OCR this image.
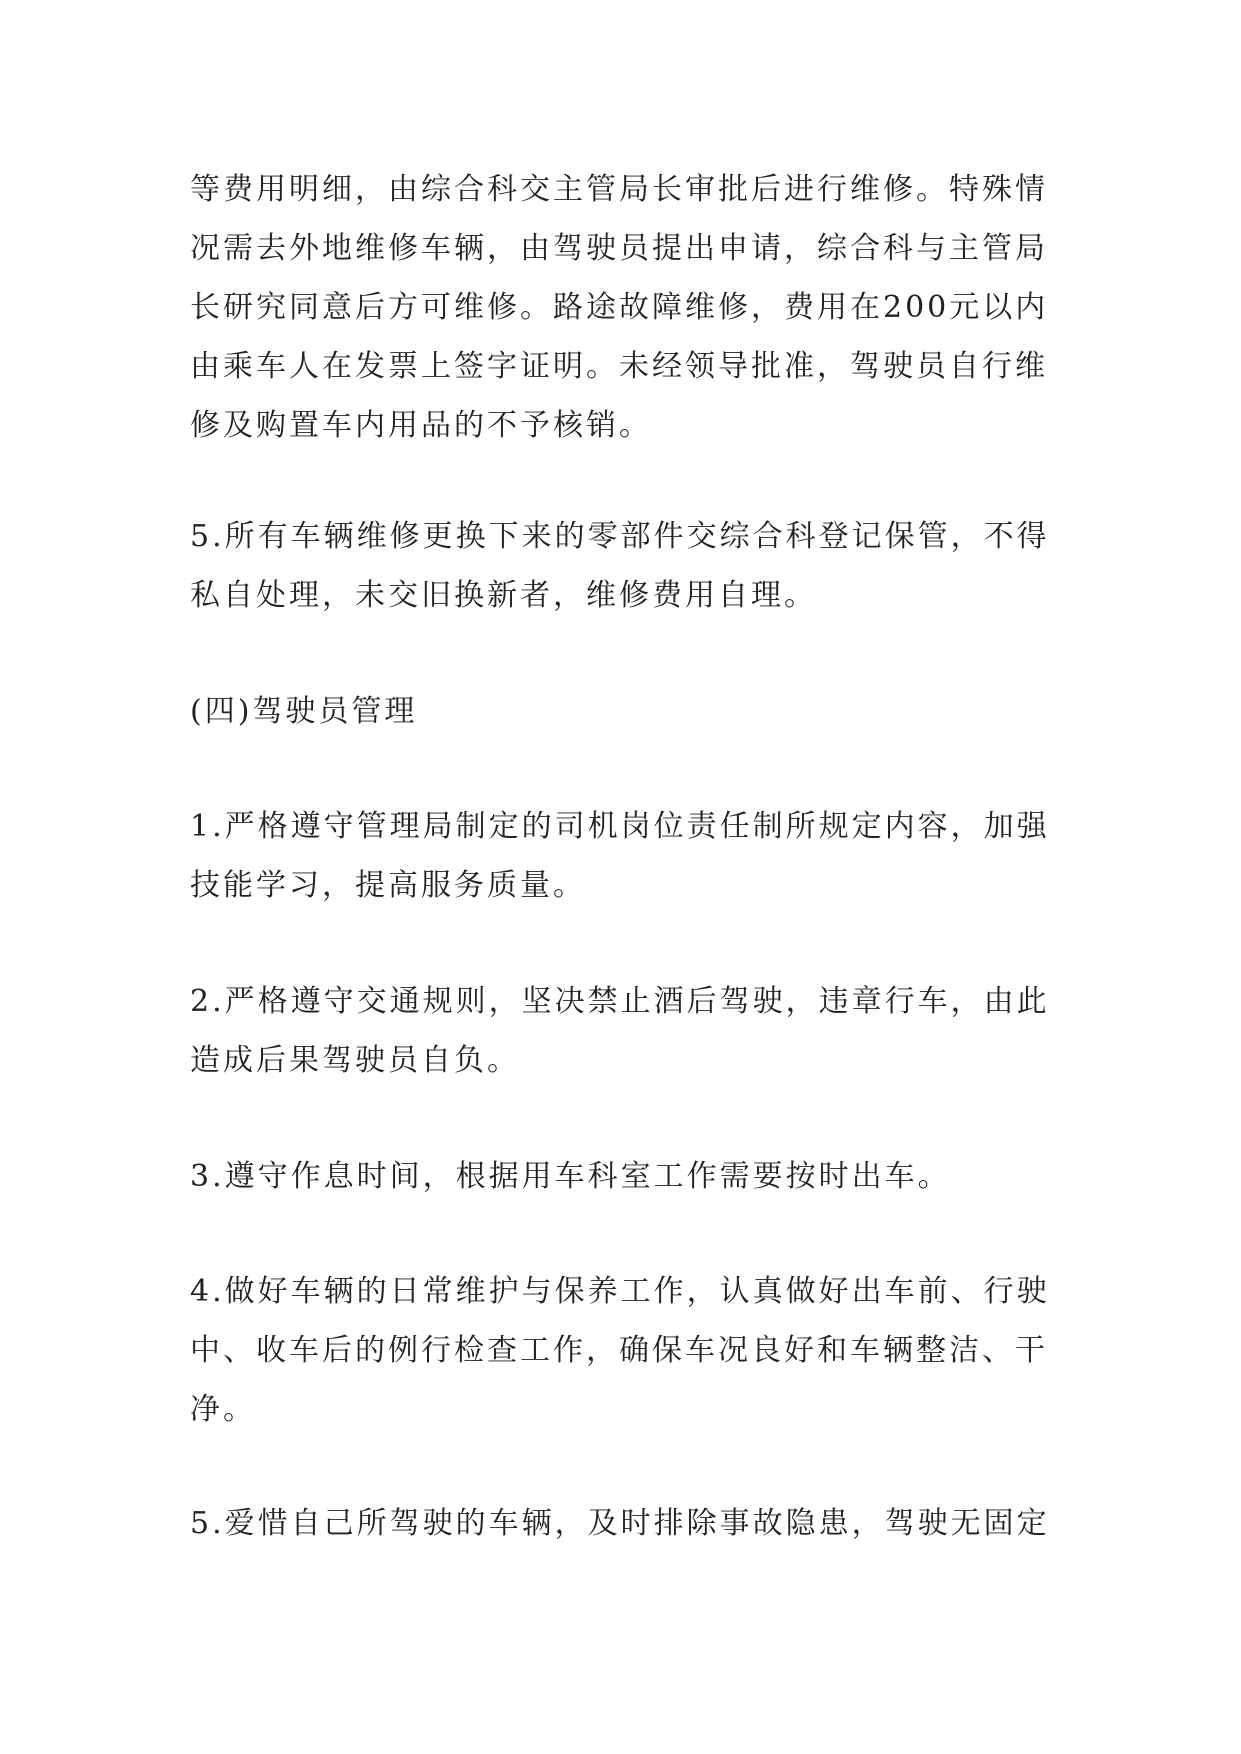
等费用明细，由综合科交主管局长审批后进行维修。特殊情
况需去外地维修车辆，由驾驶员提出申请，综合科与主管局
长研究同意后方可维修。路途故障维修，费用在200元以内
由乘车人在发票上签字证明。未经领导批准，驾驶员自行维
修及购置车内用品的不予核销。
5.所有车辆维修更换下来的零部件交综合科登记保管，不得
私自处理，未交旧换新者，维修费用自理。
(四)驾驶员管理
1.严格遵守管理局制定的司机岗位责任制所规定内容，加强
技能学习，提高服务质量。
2.严格遵守交通规则，坚决禁止酒后驾驶，违章行车，由此
造成后果驾驶员自负。
3.遵守作息时间，根据用车科室工作需要按时出车。
4.做好车辆的日常维护与保养工作，认真做好出车前、行驶
中、收车后的例行检查工作，确保车况良好和车辆整洁、干
净。
5.爱惜自己所驾驶的车辆，及时排除事故隐患，驾驶无固定
